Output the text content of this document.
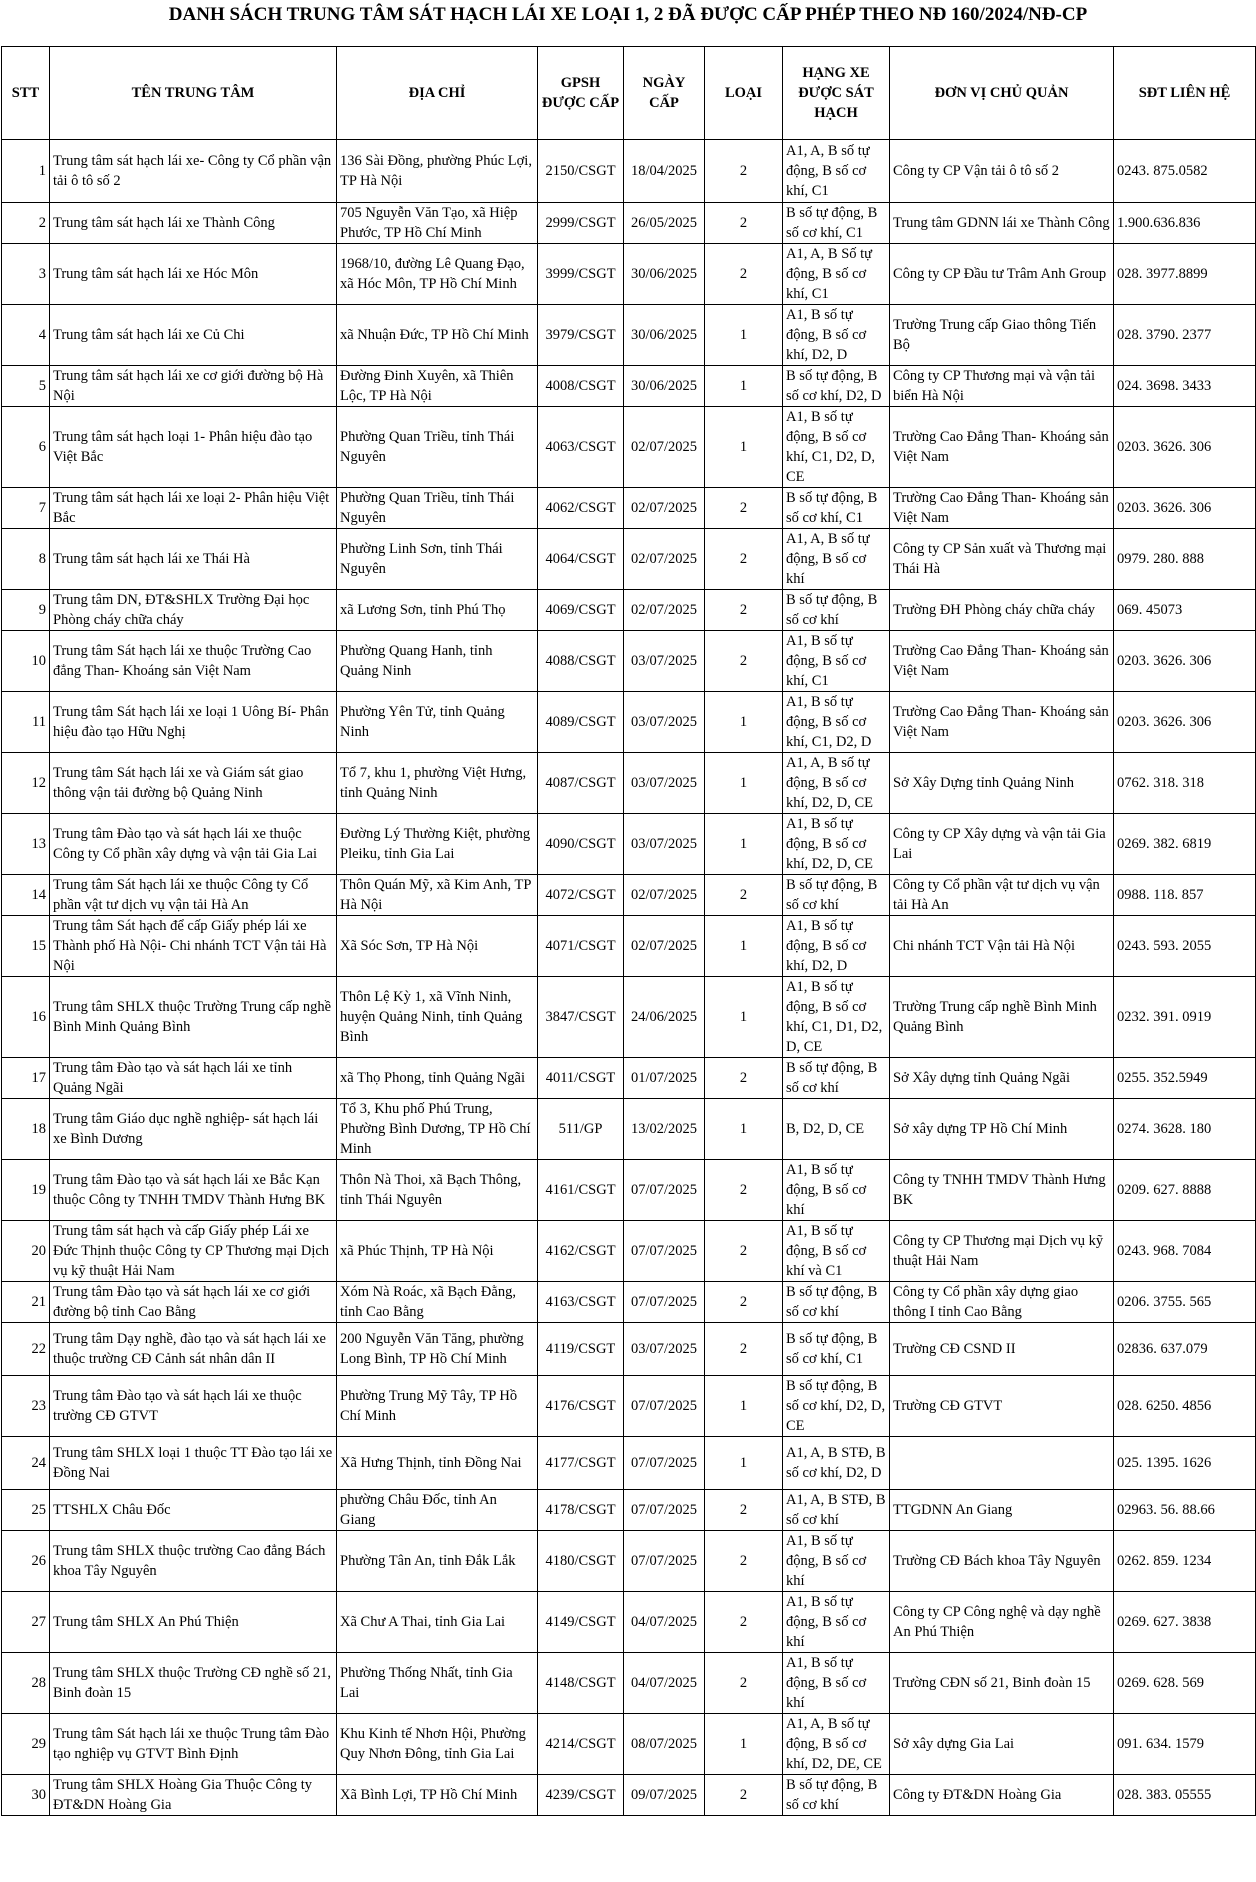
DANH SÁCH TRUNG TÂM SÁT HẠCH LÁI XE LOẠI 1, 2 ĐÃ ĐƯỢC CẤP PHÉP THEO NĐ 160/2024/NĐ-CP
STT	TÊN TRUNG TÂM	ĐỊA CHỈ	GPSH ĐƯỢC CẤP	NGÀY CẤP	LOẠI	HẠNG XE ĐƯỢC SÁT HẠCH	ĐƠN VỊ CHỦ QUẢN	SĐT LIÊN HỆ
1	Trung tâm sát hạch lái xe- Công ty Cổ phần vận tải ô tô số 2	136 Sài Đồng, phường Phúc Lợi, TP Hà Nội	2150/CSGT	18/04/2025	2	A1, A, B số tự động, B số cơ khí, C1	Công ty CP Vận tải ô tô số 2	0243. 875.0582
2	Trung tâm sát hạch lái xe Thành Công	705 Nguyễn Văn Tạo, xã Hiệp Phước, TP Hồ Chí Minh	2999/CSGT	26/05/2025	2	B số tự động, B số cơ khí, C1	Trung tâm GDNN lái xe Thành Công	1.900.636.836
3	Trung tâm sát hạch lái xe Hóc Môn	1968/10, đường Lê Quang Đạo, xã Hóc Môn, TP Hồ Chí Minh	3999/CSGT	30/06/2025	2	A1, A, B Số tự động, B số cơ khí, C1	Công ty CP Đầu tư Trâm Anh Group	028. 3977.8899
4	Trung tâm sát hạch lái xe Củ Chi	xã Nhuận Đức, TP Hồ Chí Minh	3979/CSGT	30/06/2025	1	A1, B số tự động, B số cơ khí, D2, D	Trường Trung cấp Giao thông Tiến Bộ	028. 3790. 2377
5	Trung tâm sát hạch lái xe cơ giới đường bộ Hà Nội	Đường Đinh Xuyên, xã Thiên Lộc, TP Hà Nội	4008/CSGT	30/06/2025	1	B số tự động, B số cơ khí, D2, D	Công ty CP Thương mại và vận tải biển Hà Nội	024. 3698. 3433
6	Trung tâm sát hạch loại 1- Phân hiệu đào tạo Việt Bắc	Phường Quan Triều, tỉnh Thái Nguyên	4063/CSGT	02/07/2025	1	A1, B số tự động, B số cơ khí, C1, D2, D, CE	Trường Cao Đẳng Than- Khoáng sản Việt Nam	0203. 3626. 306
7	Trung tâm sát hạch lái xe loại 2- Phân hiệu Việt Bắc	Phường Quan Triều, tỉnh Thái Nguyên	4062/CSGT	02/07/2025	2	B số tự động, B số cơ khí, C1	Trường Cao Đẳng Than- Khoáng sản Việt Nam	0203. 3626. 306
8	Trung tâm sát hạch lái xe Thái Hà	Phường Linh Sơn, tỉnh Thái Nguyên	4064/CSGT	02/07/2025	2	A1, A, B số tự động, B số cơ khí	Công ty CP Sản xuất và Thương mại Thái Hà	0979. 280. 888
9	Trung tâm DN, ĐT&SHLX Trường Đại học Phòng cháy chữa cháy	xã Lương Sơn, tỉnh Phú Thọ	4069/CSGT	02/07/2025	2	B số tự động, B số cơ khí	Trường ĐH Phòng cháy chữa cháy	069. 45073
10	Trung tâm Sát hạch lái xe thuộc Trường Cao đẳng Than- Khoáng sản Việt Nam	Phường Quang Hanh, tỉnh Quảng Ninh	4088/CSGT	03/07/2025	2	A1, B số tự động, B số cơ khí, C1	Trường Cao Đẳng Than- Khoáng sản Việt Nam	0203. 3626. 306
11	Trung tâm Sát hạch lái xe loại 1 Uông Bí- Phân hiệu đào tạo Hữu Nghị	Phường Yên Tử, tỉnh Quảng Ninh	4089/CSGT	03/07/2025	1	A1, B số tự động, B số cơ khí, C1, D2, D	Trường Cao Đẳng Than- Khoáng sản Việt Nam	0203. 3626. 306
12	Trung tâm Sát hạch lái xe và Giám sát giao thông vận tải đường bộ Quảng Ninh	Tổ 7, khu 1, phường Việt Hưng, tỉnh Quảng Ninh	4087/CSGT	03/07/2025	1	A1, A, B số tự động, B số cơ khí, D2, D, CE	Sở Xây Dựng tỉnh Quảng Ninh	0762. 318. 318
13	Trung tâm Đào tạo và sát hạch lái xe thuộc Công ty Cổ phần xây dựng và vận tải Gia Lai	Đường Lý Thường Kiệt, phường Pleiku, tỉnh Gia Lai	4090/CSGT	03/07/2025	1	A1, B số tự động, B số cơ khí, D2, D, CE	Công ty CP Xây dựng và vận tải Gia Lai	0269. 382. 6819
14	Trung tâm Sát hạch lái xe thuộc Công ty Cổ phần vật tư dịch vụ vận tải Hà An	Thôn Quán Mỹ, xã Kim Anh, TP Hà Nội	4072/CSGT	02/07/2025	2	B số tự động, B số cơ khí	Công ty Cổ phần vật tư dịch vụ vận tải Hà An	0988. 118. 857
15	Trung tâm Sát hạch để cấp Giấy phép lái xe Thành phố Hà Nội- Chi nhánh TCT Vận tải Hà Nội	Xã Sóc Sơn, TP Hà Nội	4071/CSGT	02/07/2025	1	A1, B số tự động, B số cơ khí, D2, D	Chi nhánh TCT Vận tải Hà Nội	0243. 593. 2055
16	Trung tâm SHLX thuộc Trường Trung cấp nghề Bình Minh Quảng Bình	Thôn Lệ Kỳ 1, xã Vĩnh Ninh, huyện Quảng Ninh, tỉnh Quảng Bình	3847/CSGT	24/06/2025	1	A1, B số tự động, B số cơ khí, C1, D1, D2, D, CE	Trường Trung cấp nghề Bình Minh Quảng Bình	0232. 391. 0919
17	Trung tâm Đào tạo và sát hạch lái xe tỉnh Quảng Ngãi	xã Thọ Phong, tỉnh Quảng Ngãi	4011/CSGT	01/07/2025	2	B số tự động, B số cơ khí	Sở Xây dựng tỉnh Quảng Ngãi	0255. 352.5949
18	Trung tâm Giáo dục nghề nghiệp- sát hạch lái xe Bình Dương	Tổ 3, Khu phố Phú Trung, Phường Bình Dương, TP Hồ Chí Minh	511/GP	13/02/2025	1	B, D2, D, CE	Sở xây dựng TP Hồ Chí Minh	0274. 3628. 180
19	Trung tâm Đào tạo và sát hạch lái xe Bắc Kạn thuộc Công ty TNHH TMDV Thành Hưng BK	Thôn Nà Thoi, xã Bạch Thông, tỉnh Thái Nguyên	4161/CSGT	07/07/2025	2	A1, B số tự động, B số cơ khí	Công ty TNHH TMDV Thành Hưng BK	0209. 627. 8888
20	Trung tâm sát hạch và cấp Giấy phép Lái xe Đức Thịnh thuộc Công ty CP Thương mại Dịch vụ kỹ thuật Hải Nam	xã Phúc Thịnh, TP Hà Nội	4162/CSGT	07/07/2025	2	A1, B số tự động, B số cơ khí và C1	Công ty CP Thương mại Dịch vụ kỹ thuật Hải Nam	0243. 968. 7084
21	Trung tâm Đào tạo và sát hạch lái xe cơ giới đường bộ tỉnh Cao Bằng	Xóm Nà Roác, xã Bạch Đằng, tỉnh Cao Bằng	4163/CSGT	07/07/2025	2	B số tự động, B số cơ khí	Công ty Cổ phần xây dựng giao thông I tỉnh Cao Bằng	0206. 3755. 565
22	Trung tâm Dạy nghề, đào tạo và sát hạch lái xe thuộc trường CĐ Cảnh sát nhân dân II	200 Nguyễn Văn Tăng, phường Long Bình, TP Hồ Chí Minh	4119/CSGT	03/07/2025	2	B số tự động, B số cơ khí, C1	Trường CĐ CSND II	02836. 637.079
23	Trung tâm Đào tạo và sát hạch lái xe thuộc trường CĐ GTVT	Phường Trung Mỹ Tây, TP Hồ Chí Minh	4176/CSGT	07/07/2025	1	B số tự động, B số cơ khí, D2, D, CE	Trường CĐ GTVT	028. 6250. 4856
24	Trung tâm SHLX loại 1 thuộc TT Đào tạo lái xe Đồng Nai	Xã Hưng Thịnh, tỉnh Đồng Nai	4177/CSGT	07/07/2025	1	A1, A, B STĐ, B số cơ khí, D2, D		025. 1395. 1626
25	TTSHLX Châu Đốc	phường Châu Đốc, tỉnh An Giang	4178/CSGT	07/07/2025	2	A1, A, B STĐ, B số cơ khí	TTGDNN An Giang	02963. 56. 88.66
26	Trung tâm SHLX thuộc trường Cao đẳng Bách khoa Tây Nguyên	Phường Tân An, tỉnh Đắk Lắk	4180/CSGT	07/07/2025	2	A1, B số tự động, B số cơ khí	Trường CĐ Bách khoa Tây Nguyên	0262. 859. 1234
27	Trung tâm SHLX An Phú Thiện	Xã Chư A Thai, tỉnh Gia Lai	4149/CSGT	04/07/2025	2	A1, B số tự động, B số cơ khí	Công ty CP Công nghệ và dạy nghề An Phú Thiện	0269. 627. 3838
28	Trung tâm SHLX thuộc Trường CĐ nghề số 21, Binh đoàn 15	Phường Thống Nhất, tỉnh Gia Lai	4148/CSGT	04/07/2025	2	A1, B số tự động, B số cơ khí	Trường CĐN số 21, Binh đoàn 15	0269. 628. 569
29	Trung tâm Sát hạch lái xe thuộc Trung tâm Đào tạo nghiệp vụ GTVT Bình Định	Khu Kinh tế Nhơn Hội, Phường Quy Nhơn Đông, tỉnh Gia Lai	4214/CSGT	08/07/2025	1	A1, A, B số tự động, B số cơ khí, D2, DE, CE	Sở xây dựng Gia Lai	091. 634. 1579
30	Trung tâm SHLX Hoàng Gia Thuộc Công ty ĐT&DN Hoàng Gia	Xã Bình Lợi, TP Hồ Chí Minh	4239/CSGT	09/07/2025	2	B số tự động, B số cơ khí	Công ty ĐT&DN Hoàng Gia	028. 383. 05555
